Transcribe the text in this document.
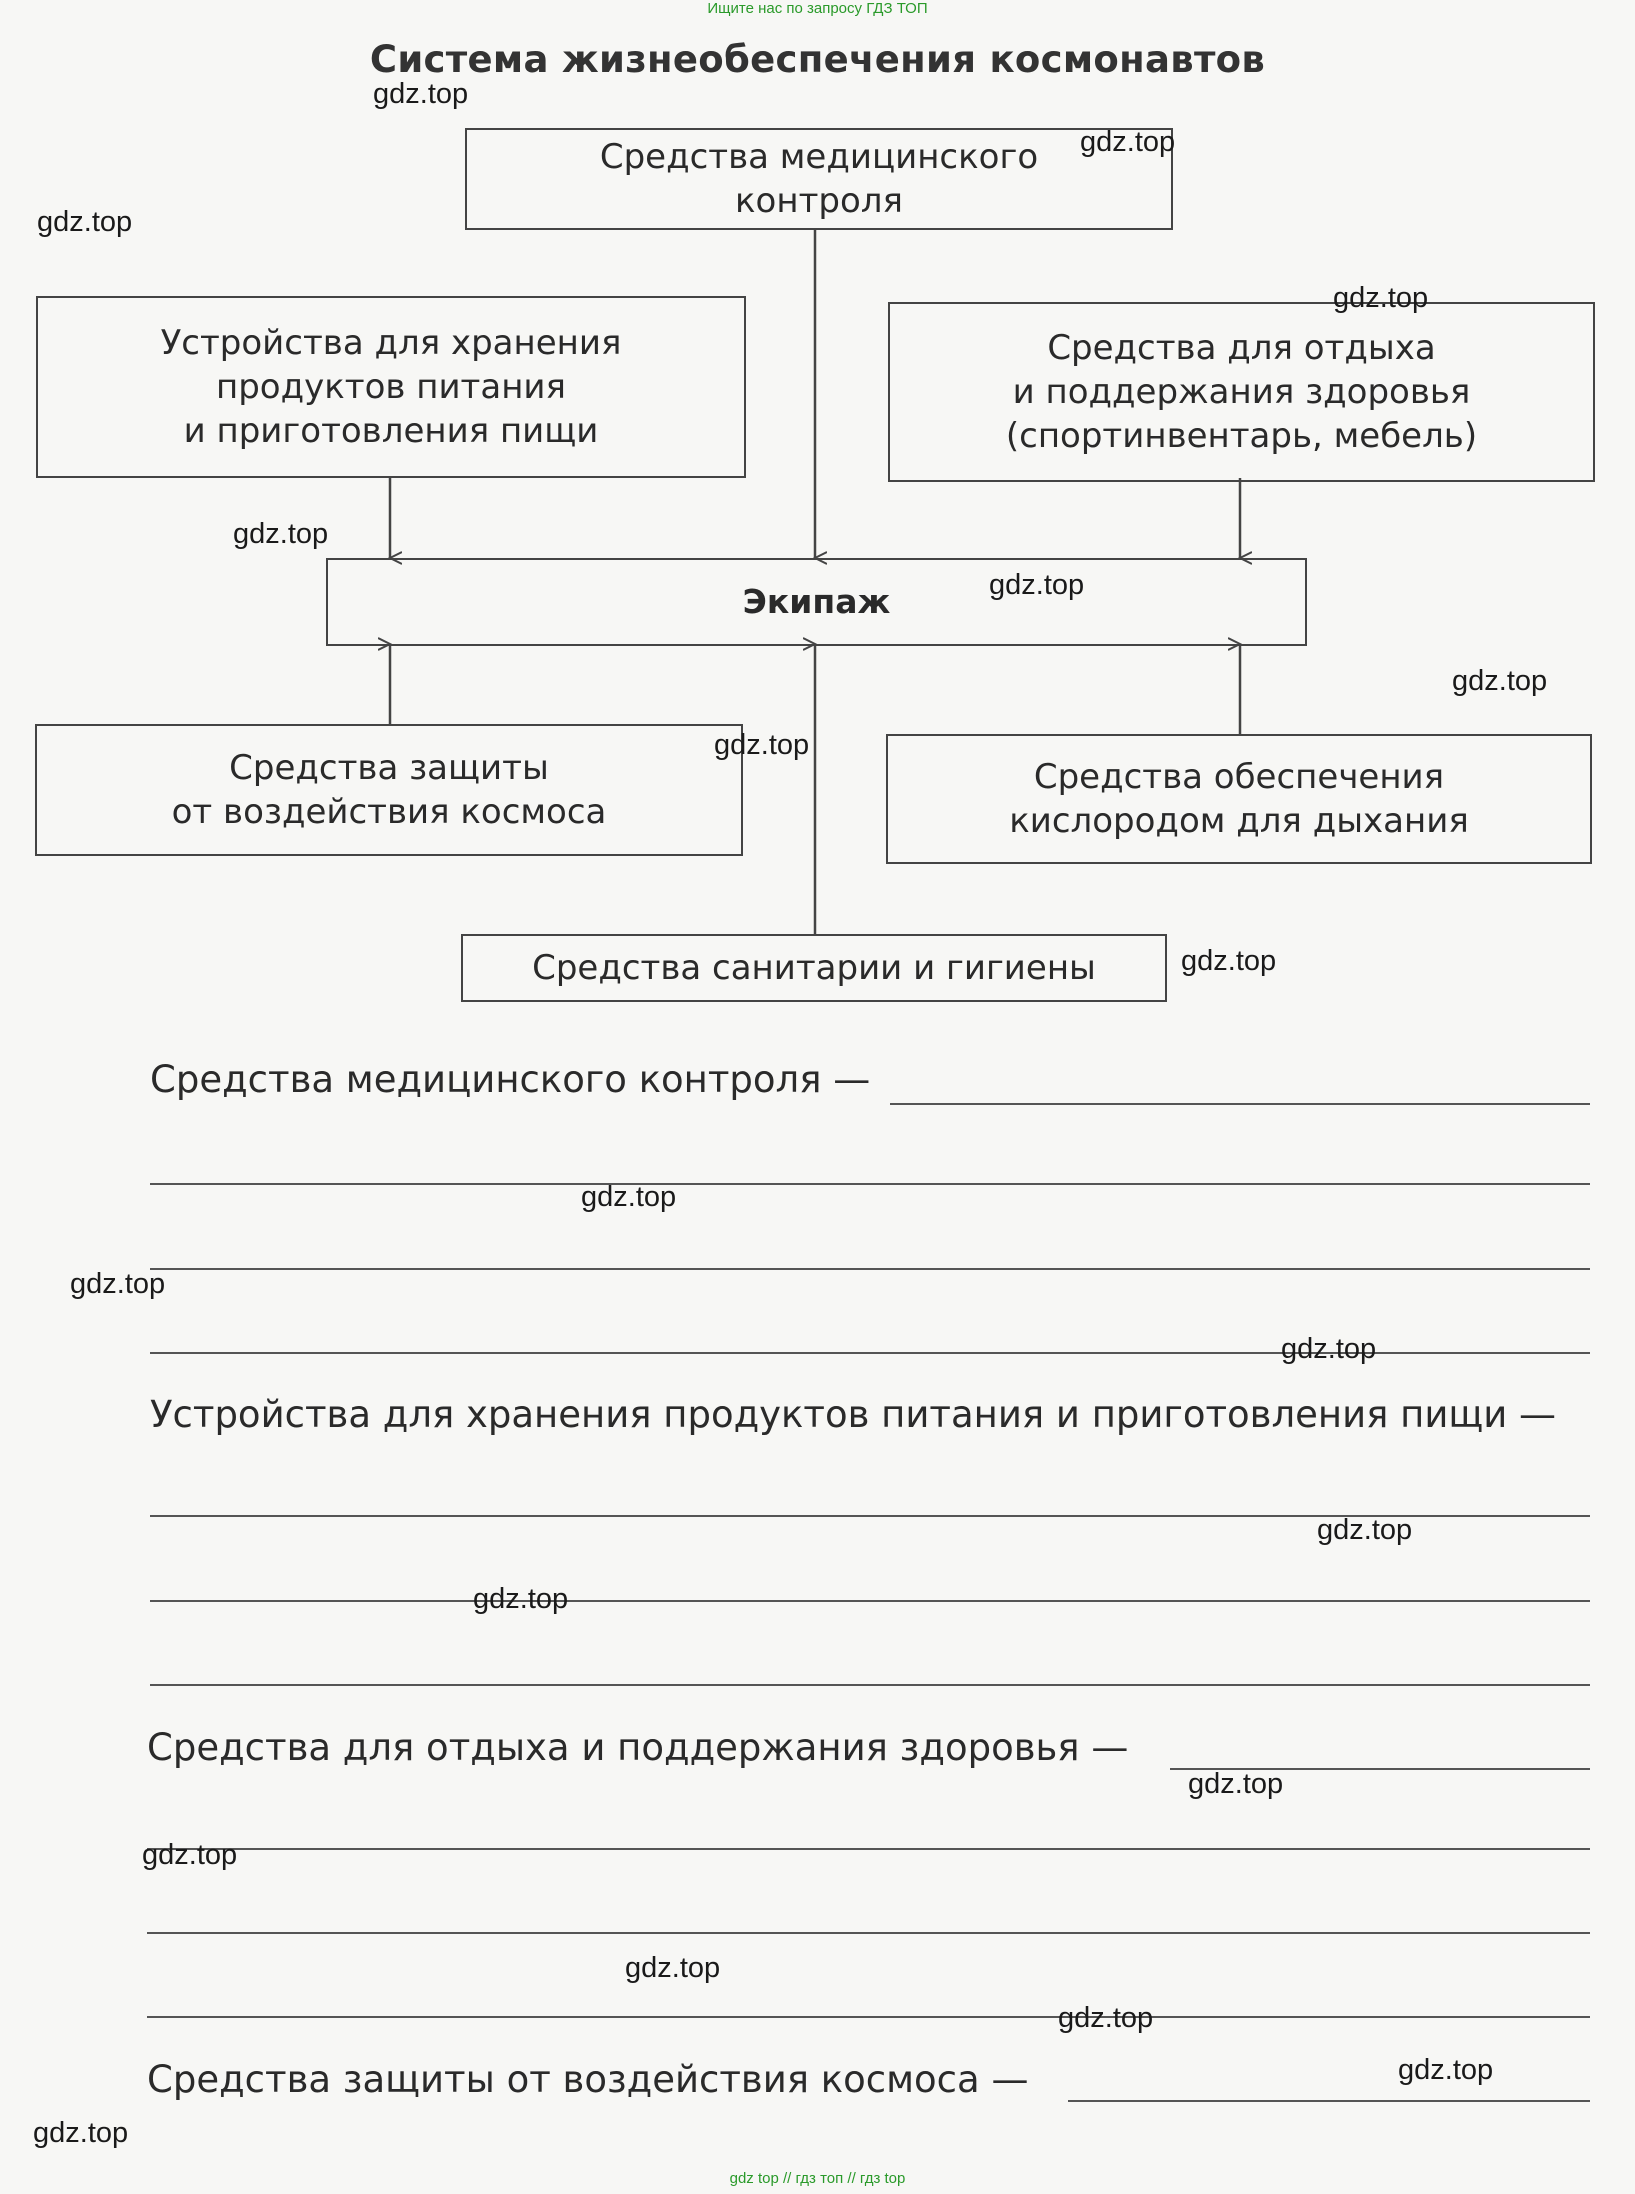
Ищите нас по запросу ГДЗ ТОП
Система жизнеобеспечения космонавтов
Средства медицинского
контроля
Устройства для хранения
продуктов питания
и приготовления пищи
Средства для отдыха
и поддержания здоровья
(спортинвентарь, мебель)
Экипаж
Средства защиты
от воздействия космоса
Средства обеспечения
кислородом для дыхания
Средства санитарии и гигиены
Средства медицинского контроля —
Устройства для хранения продуктов питания и приготовления пищи —
Средства для отдыха и поддержания здоровья —
Средства защиты от воздействия космоса —
gdz.top
gdz.top
gdz.top
gdz.top
gdz.top
gdz.top
gdz.top
gdz.top
gdz.top
gdz.top
gdz.top
gdz.top
gdz.top
gdz.top
gdz.top
gdz.top
gdz.top
gdz.top
gdz.top
gdz.top
gdz top // гдз топ // гдз top
